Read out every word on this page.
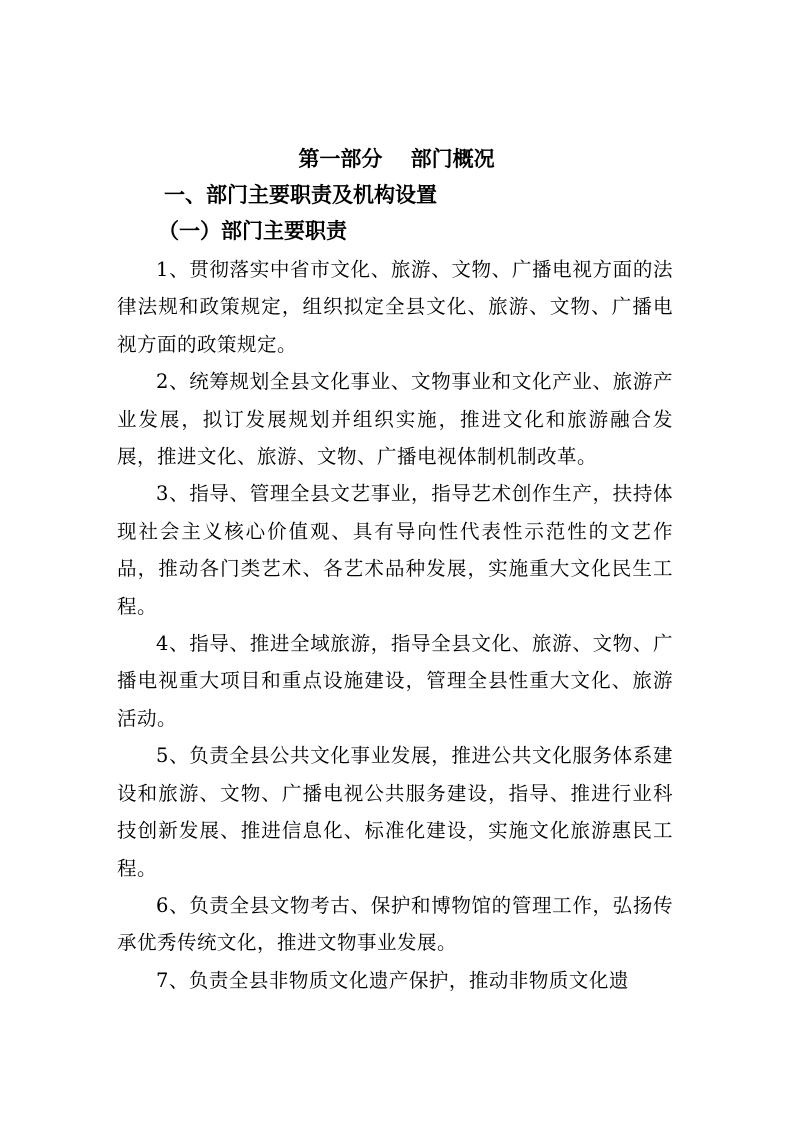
第一部分　 部门概况
一、部门主要职责及机构设置
（一）部门主要职责

1、贯彻落实中省市文化、旅游、文物、广播电视方面的法律法规和政策规定，组织拟定全县文化、旅游、文物、广播电视方面的政策规定。

2、统筹规划全县文化事业、文物事业和文化产业、旅游产业发展，拟订发展规划并组织实施，推进文化和旅游融合发展，推进文化、旅游、文物、广播电视体制机制改革。

3、指导、管理全县文艺事业，指导艺术创作生产，扶持体现社会主义核心价值观、具有导向性代表性示范性的文艺作品，推动各门类艺术、各艺术品种发展，实施重大文化民生工程。

4、指导、推进全域旅游，指导全县文化、旅游、文物、广播电视重大项目和重点设施建设，管理全县性重大文化、旅游活动。

5、负责全县公共文化事业发展，推进公共文化服务体系建设和旅游、文物、广播电视公共服务建设，指导、推进行业科技创新发展、推进信息化、标准化建设，实施文化旅游惠民工程。

6、负责全县文物考古、保护和博物馆的管理工作，弘扬传承优秀传统文化，推进文物事业发展。

7、负责全县非物质文化遗产保护，推动非物质文化遗
